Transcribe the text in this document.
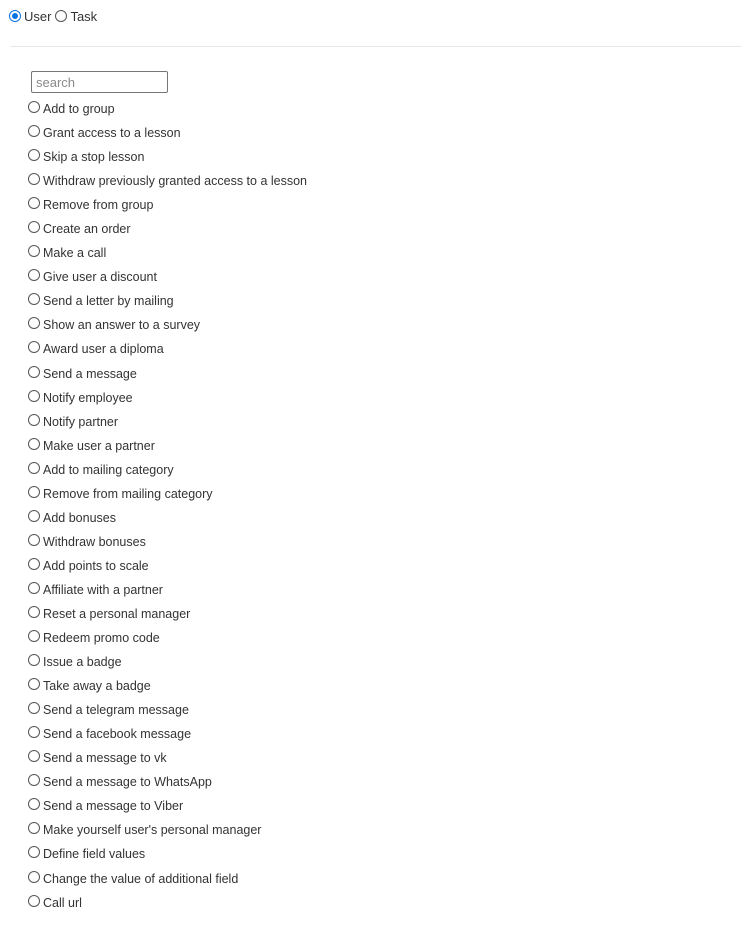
User Task
search
Add to group
Grant access to a lesson
Skip a stop lesson
Withdraw previously granted access to a lesson
Remove from group
Create an order
Make a call
Give user a discount
Send a letter by mailing
Show an answer to a survey
Award user a diploma
Send a message
Notify employee
Notify partner
Make user a partner
Add to mailing category
Remove from mailing category
Add bonuses
Withdraw bonuses
Add points to scale
Affiliate with a partner
Reset a personal manager
Redeem promo code
Issue a badge
Take away a badge
Send a telegram message
Send a facebook message
Send a message to vk
Send a message to WhatsApp
Send a message to Viber
Make yourself user's personal manager
Define field values
Change the value of additional field
Call url
